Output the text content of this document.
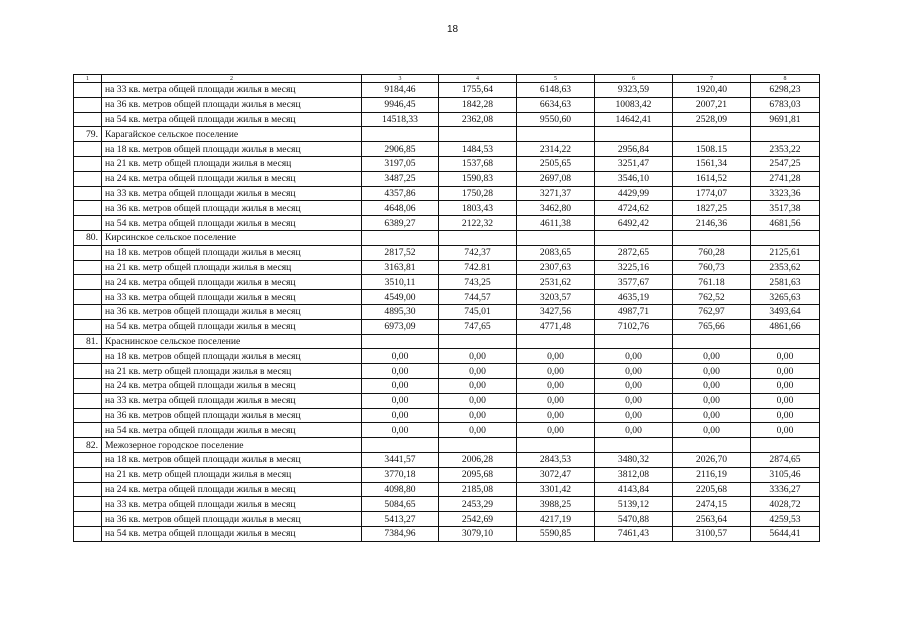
18
1	2	3	4	5	6	7	8
	на 33 кв. метра общей площади жилья в месяц	9184,46	1755,64	6148,63	9323,59	1920,40	6298,23
	на 36 кв. метров общей площади жилья в месяц	9946,45	1842,28	6634,63	10083,42	2007,21	6783,03
	на 54 кв. метра общей площади жилья в месяц	14518,33	2362,08	9550,60	14642,41	2528,09	9691,81
79.	Карагайское сельское поселение						
	на 18 кв. метров общей площади жилья в месяц	2906,85	1484,53	2314,22	2956,84	1508.15	2353,22
	на 21 кв. метр общей площади жилья в месяц	3197,05	1537,68	2505,65	3251,47	1561,34	2547,25
	на 24 кв. метра общей площади жилья в месяц	3487,25	1590,83	2697,08	3546,10	1614,52	2741,28
	на 33 кв. метра общей площади жилья в месяц	4357,86	1750,28	3271,37	4429,99	1774,07	3323,36
	на 36 кв. метров общей площади жилья в месяц	4648,06	1803,43	3462,80	4724,62	1827,25	3517,38
	на 54 кв. метра общей площади жилья в месяц	6389,27	2122,32	4611,38	6492,42	2146,36	4681,56
80.	Кирсинское сельское поселение						
	на 18 кв. метров общей площади жилья в месяц	2817,52	742,37	2083,65	2872,65	760,28	2125,61
	на 21 кв. метр общей площади жилья в месяц	3163,81	742.81	2307,63	3225,16	760,73	2353,62
	на 24 кв. метра общей площади жилья в месяц	3510,11	743,25	2531,62	3577,67	761.18	2581,63
	на 33 кв. метра общей площади жилья в месяц	4549,00	744,57	3203,57	4635,19	762,52	3265,63
	на 36 кв. метров общей площади жилья в месяц	4895,30	745,01	3427,56	4987,71	762,97	3493,64
	на 54 кв. метра общей площади жилья в месяц	6973,09	747,65	4771,48	7102,76	765,66	4861,66
81.	Краснинское сельское поселение						
	на 18 кв. метров общей площади жилья в месяц	0,00	0,00	0,00	0,00	0,00	0,00
	на 21 кв. метр общей площади жилья в месяц	0,00	0,00	0,00	0,00	0,00	0,00
	на 24 кв. метра общей площади жилья в месяц	0,00	0,00	0,00	0,00	0,00	0,00
	на 33 кв. метра общей площади жилья в месяц	0,00	0,00	0,00	0,00	0,00	0,00
	на 36 кв. метров общей площади жилья в месяц	0,00	0,00	0,00	0,00	0,00	0,00
	на 54 кв. метра общей площади жилья в месяц	0,00	0,00	0,00	0,00	0,00	0,00
82.	Межозерное городское поселение						
	на 18 кв. метров общей площади жилья в месяц	3441,57	2006,28	2843,53	3480,32	2026,70	2874,65
	на 21 кв. метр общей площади жилья в месяц	3770,18	2095,68	3072,47	3812,08	2116,19	3105,46
	на 24 кв. метра общей площади жилья в месяц	4098,80	2185,08	3301,42	4143,84	2205,68	3336,27
	на 33 кв. метра общей площади жилья в месяц	5084,65	2453,29	3988,25	5139,12	2474,15	4028,72
	на 36 кв. метров общей площади жилья в месяц	5413,27	2542,69	4217,19	5470,88	2563,64	4259,53
	на 54 кв. метра общей площади жилья в месяц	7384,96	3079,10	5590,85	7461,43	3100,57	5644,41
